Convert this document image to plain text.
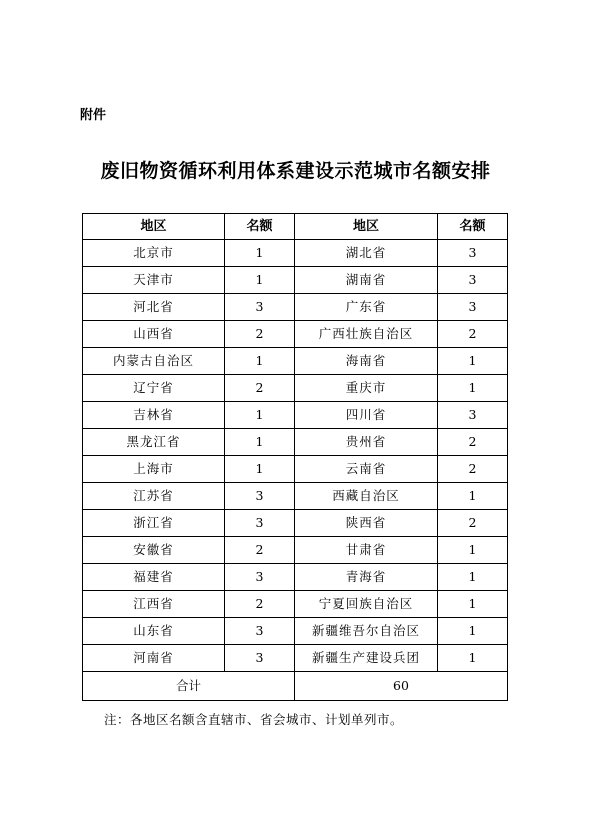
附件
废旧物资循环利用体系建设示范城市名额安排
地区	名额	地区	名额
北京市	1	湖北省	3
天津市	1	湖南省	3
河北省	3	广东省	3
山西省	2	广西壮族自治区	2
内蒙古自治区	1	海南省	1
辽宁省	2	重庆市	1
吉林省	1	四川省	3
黑龙江省	1	贵州省	2
上海市	1	云南省	2
江苏省	3	西藏自治区	1
浙江省	3	陕西省	2
安徽省	2	甘肃省	1
福建省	3	青海省	1
江西省	2	宁夏回族自治区	1
山东省	3	新疆维吾尔自治区	1
河南省	3	新疆生产建设兵团	1
合计		60	
注：各地区名额含直辖市、省会城市、计划单列市。
